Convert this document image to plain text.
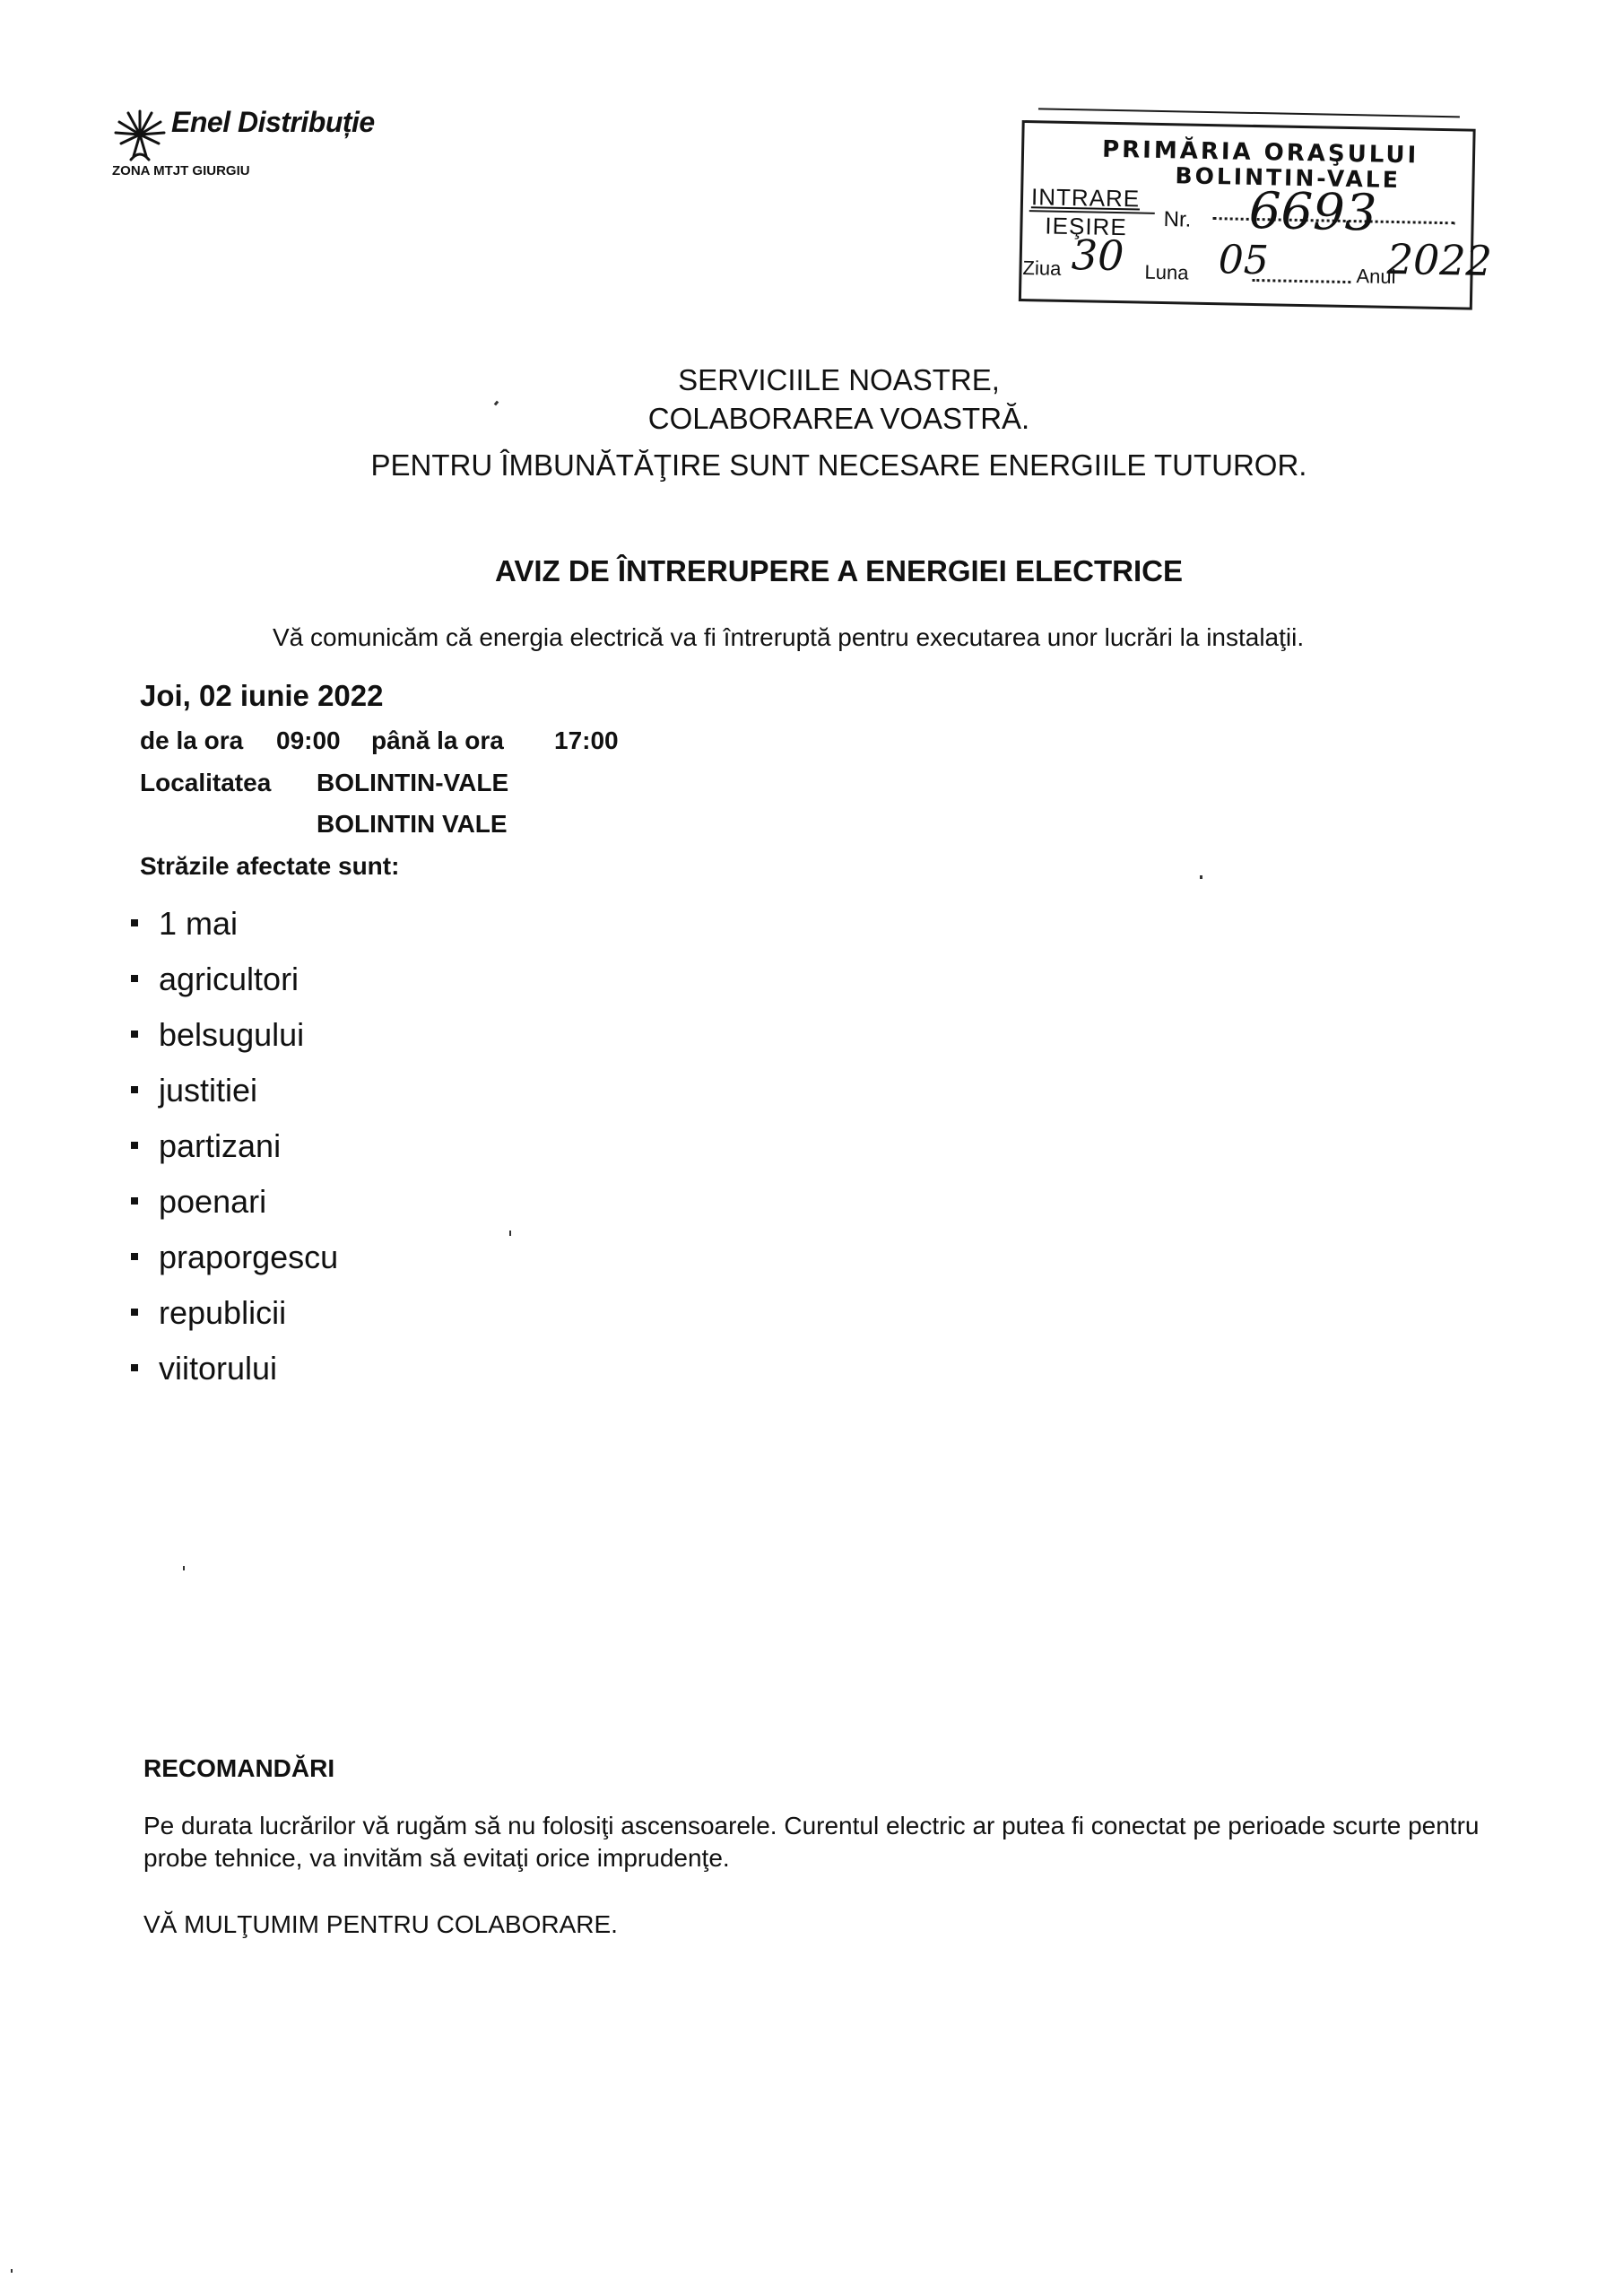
Enel Distribuție
ZONA MTJT GIURGIU
PRIMĂRIA ORAŞULUI
BOLINTIN-VALE
INTRARE
IEŞIRE Nr. 6693
Ziua 30 Luna 05	Anul
2022
SERVICIILE NOASTRE,
COLABORAREA VOASTRĂ.
PENTRU ÎMBUNĂTĂŢIRE SUNT NECESARE ENERGIILE TUTUROR.
AVIZ DE ÎNTRERUPERE A ENERGIEI ELECTRICE
Vă comunicăm că energia electrică va fi întreruptă pentru executarea unor lucrări la instalaţii.
Joi, 02 iunie 2022
de la ora 09:00 până la ora 17:00
Localitatea BOLINTIN-VALE
BOLINTIN VALE
Străzile afectate sunt:
1 mai
agricultori
belsugului
justitiei
partizani
poenari
praporgescu
republicii
viitorului
RECOMANDĂRI
Pe durata lucrărilor vă rugăm să nu folosiţi ascensoarele. Curentul electric ar putea fi conectat pe perioade scurte pentru probe tehnice, va invităm să evitaţi orice imprudenţe.
VĂ MULŢUMIM PENTRU COLABORARE.
